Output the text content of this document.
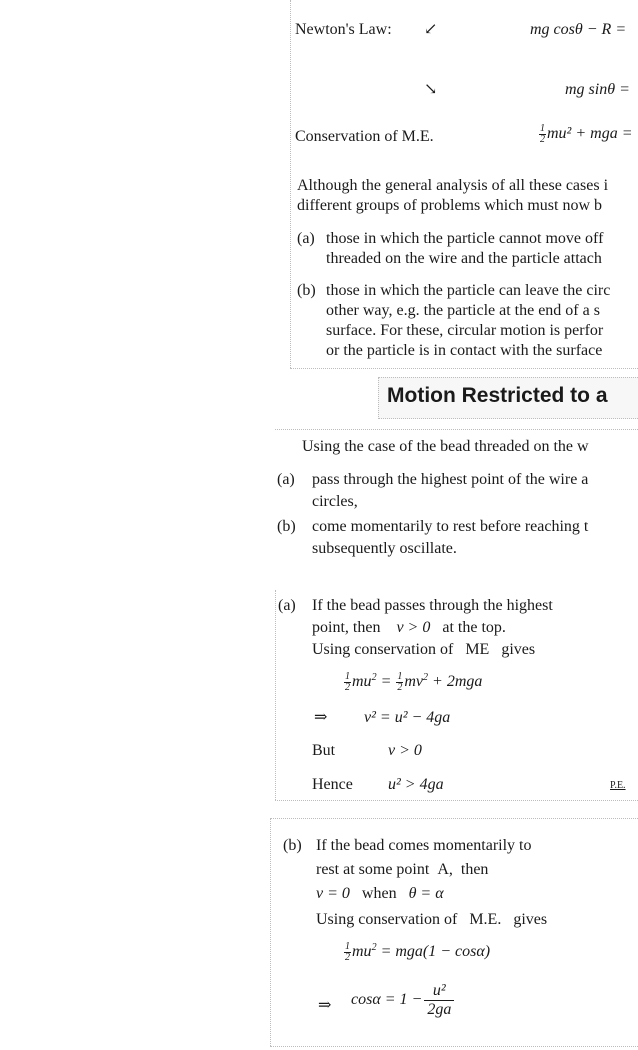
Newton's Law: ↙	mg cosθ − R =
↘	mg sinθ =
Conservation of M.E.	$\frac{1}{2} mu^2$ + mga =
Although the general analysis of all these cases i
different groups of problems which must now b
(a) those in which the particle cannot move off
threaded on the wire and the particle attach
(b) those in which the particle can leave the circ
other way, e.g. the particle at the end of a s
surface. For these, circular motion is perfor
or the particle is in contact with the surface
Motion Restricted to a
Using the case of the bead threaded on the w
(a) pass through the highest point of the wire a
circles,
(b) come momentarily to rest before reaching t
subsequently oscillate.
(a) If the bead passes through the highest
point, then v > 0 at the top.
Using conservation of ME gives
$\frac{1}{2} mu^2 = \frac{1}{2} mv^2 + 2mga$
⇒ v² = u² − 4ga
But	v > 0
Hence u² > 4ga	P.E.
(b) If the bead comes momentarily to
rest at some point A, then
v = 0 when θ = α
Using conservation of M.E. gives
$\frac{1}{2} mu^2 = mga(1 - \cos\alpha)$
⇒ $\cos\alpha = 1 - \frac{\text{u²}}{2ga}$
